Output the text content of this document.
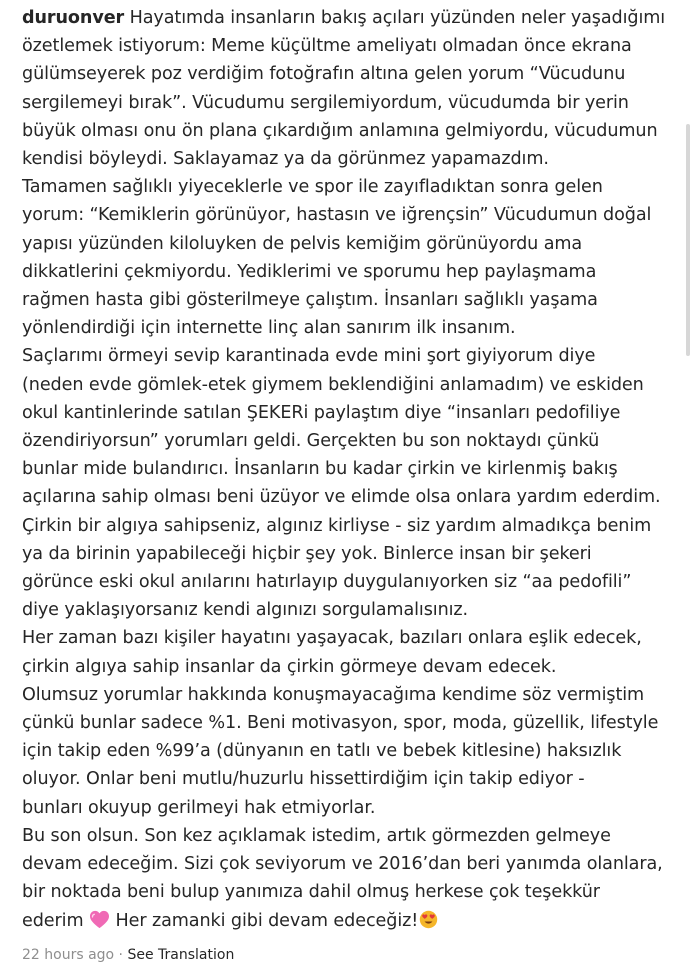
duruonver Hayatımda insanların bakış açıları yüzünden neler yaşadığımı
özetlemek istiyorum: Meme küçültme ameliyatı olmadan önce ekrana
gülümseyerek poz verdiğim fotoğrafın altına gelen yorum “Vücudunu
sergilemeyi bırak”. Vücudumu sergilemiyordum, vücudumda bir yerin
büyük olması onu ön plana çıkardığım anlamına gelmiyordu, vücudumun
kendisi böyleydi. Saklayamaz ya da görünmez yapamazdım.
Tamamen sağlıklı yiyeceklerle ve spor ile zayıfladıktan sonra gelen
yorum: “Kemiklerin görünüyor, hastasın ve iğrençsin” Vücudumun doğal
yapısı yüzünden kiloluyken de pelvis kemiğim görünüyordu ama
dikkatlerini çekmiyordu. Yediklerimi ve sporumu hep paylaşmama
rağmen hasta gibi gösterilmeye çalıştım. İnsanları sağlıklı yaşama
yönlendirdiği için internette linç alan sanırım ilk insanım.
Saçlarımı örmeyi sevip karantinada evde mini şort giyiyorum diye
(neden evde gömlek-etek giymem beklendiğini anlamadım) ve eskiden
okul kantinlerinde satılan ŞEKERi paylaştım diye “insanları pedofiliye
özendiriyorsun” yorumları geldi. Gerçekten bu son noktaydı çünkü
bunlar mide bulandırıcı. İnsanların bu kadar çirkin ve kirlenmiş bakış
açılarına sahip olması beni üzüyor ve elimde olsa onlara yardım ederdim.
Çirkin bir algıya sahipseniz, algınız kirliyse - siz yardım almadıkça benim
ya da birinin yapabileceği hiçbir şey yok. Binlerce insan bir şekeri
görünce eski okul anılarını hatırlayıp duygulanıyorken siz “aa pedofili”
diye yaklaşıyorsanız kendi algınızı sorgulamalısınız.
Her zaman bazı kişiler hayatını yaşayacak, bazıları onlara eşlik edecek,
çirkin algıya sahip insanlar da çirkin görmeye devam edecek.
Olumsuz yorumlar hakkında konuşmayacağıma kendime söz vermiştim
çünkü bunlar sadece %1. Beni motivasyon, spor, moda, güzellik, lifestyle
için takip eden %99’a (dünyanın en tatlı ve bebek kitlesine) haksızlık
oluyor. Onlar beni mutlu/huzurlu hissettirdiğim için takip ediyor -
bunları okuyup gerilmeyi hak etmiyorlar.
Bu son olsun. Son kez açıklamak istedim, artık görmezden gelmeye
devam edeceğim. Sizi çok seviyorum ve 2016’dan beri yanımda olanlara,
bir noktada beni bulup yanımıza dahil olmuş herkese çok teşekkür
ederim  Her zamanki gibi devam edeceğiz!
22 hours ago · See Translation
